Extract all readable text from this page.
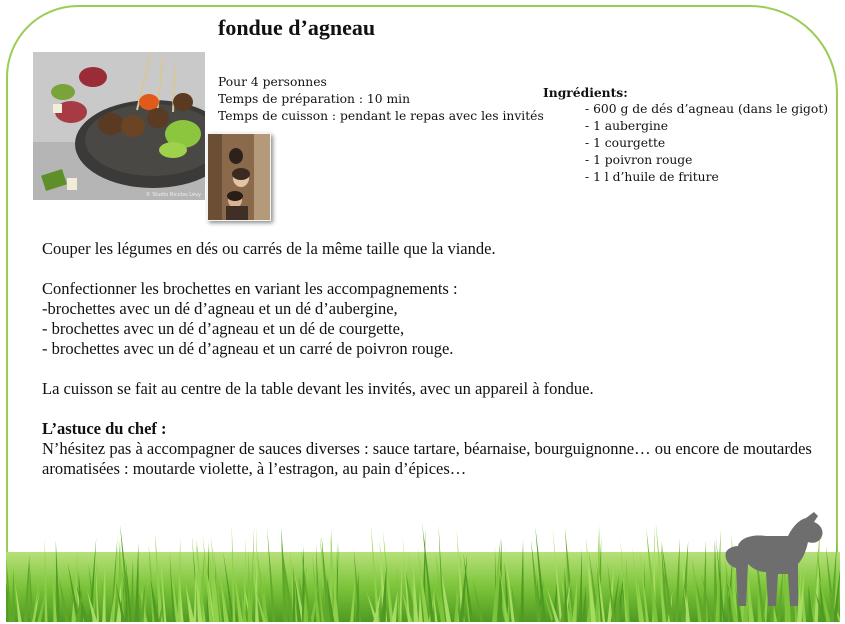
fondue d’agneau
© Studio Nicolas Lévy
Pour 4 personnes
Temps de préparation : 10 min
Temps de cuisson : pendant le repas avec les invités

Ingrédients:

- 600 g de dés d’agneau (dans le gigot)
- 1 aubergine
- 1 courgette
- 1 poivron rouge
- 1 l d’huile de friture

Couper les légumes en dés ou carrés de la même taille que la viande.

Confectionner les brochettes en variant les accompagnements :

-brochettes avec un dé d’agneau et un dé d’aubergine,

- brochettes avec un dé d’agneau et un dé de courgette,

- brochettes avec un dé d’agneau et un carré de poivron rouge.

La cuisson se fait au centre de la table devant les invités, avec un appareil à fondue.

L’astuce du chef :

N’hésitez pas à accompagner de sauces diverses : sauce tartare, béarnaise, bourguignonne… ou encore de moutardes aromatisées : moutarde violette, à l’estragon, au pain d’épices…
